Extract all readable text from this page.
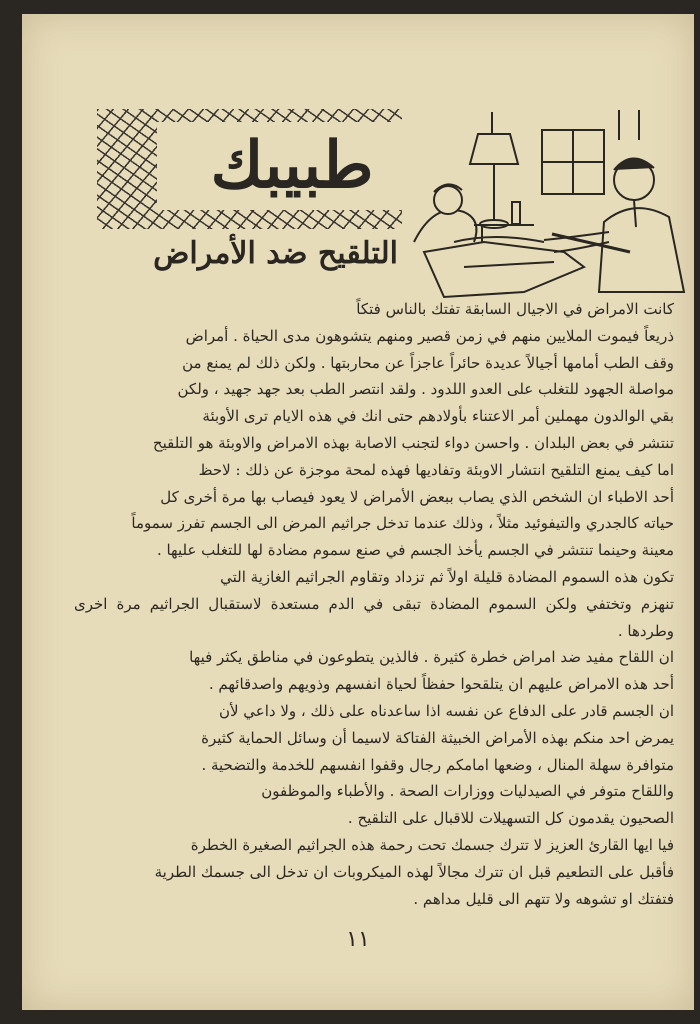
طبيبك
التلقيح ضد الأمراض

كانت الامراض في الاجيال السابقة تفتك بالناس فتكاً

ذريعاً فيموت الملايين منهم في زمن قصير ومنهم يتشوهون مدى الحياة . أمراض

وقف الطب أمامها أجيالاً عديدة حائراً عاجزاً عن محاربتها . ولكن ذلك لم يمنع من

مواصلة الجهود للتغلب على العدو اللدود . ولقد انتصر الطب بعد جهد جهيد ، ولكن

بقي الوالدون مهملين أمر الاعتناء بأولادهم حتى انك في هذه الايام ترى الأوبئة

تنتشر في بعض البلدان . واحسن دواء لتجنب الاصابة بهذه الامراض والاوبئة هو التلقيح

اما كيف يمنع التلقيح انتشار الاوبئة وتفاديها فهذه لمحة موجزة عن ذلك : لاحظ

أحد الاطباء ان الشخص الذي يصاب ببعض الأمراض لا يعود فيصاب بها مرة أخرى كل

حياته كالجدري والتيفوئيد مثلاً ، وذلك عندما تدخل جراثيم المرض الى الجسم تفرز سموماً

معينة وحينما تنتشر في الجسم يأخذ الجسم في صنع سموم مضادة لها للتغلب عليها .

تكون هذه السموم المضادة قليلة اولاً ثم تزداد وتقاوم الجراثيم الغازية التي

تنهزم وتختفي ولكن السموم المضادة تبقى في الدم مستعدة لاستقبال الجراثيم مرة اخرى وطردها .

ان اللقاح مفيد ضد امراض خطرة كثيرة . فالذين يتطوعون في مناطق يكثر فيها

أحد هذه الامراض عليهم ان يتلقحوا حفظاً لحياة انفسهم وذويهم واصدقائهم .

ان الجسم قادر على الدفاع عن نفسه اذا ساعدناه على ذلك ، ولا داعي لأن

يمرض احد منكم بهذه الأمراض الخبيثة الفتاكة لاسيما أن وسائل الحماية كثيرة

متوافرة سهلة المنال ، وضعها امامكم رجال وقفوا انفسهم للخدمة والتضحية .

واللقاح متوفر في الصيدليات ووزارات الصحة . والأطباء والموظفون

الصحيون يقدمون كل التسهيلات للاقبال على التلقيح .

فيا ايها القارئ العزيز لا تترك جسمك تحت رحمة هذه الجراثيم الصغيرة الخطرة

فأقبل على التطعيم قبل ان تترك مجالاً لهذه الميكروبات ان تدخل الى جسمك الطرية

فتفتك او تشوهه ولا تتهم الى قليل مداهم .

١١
